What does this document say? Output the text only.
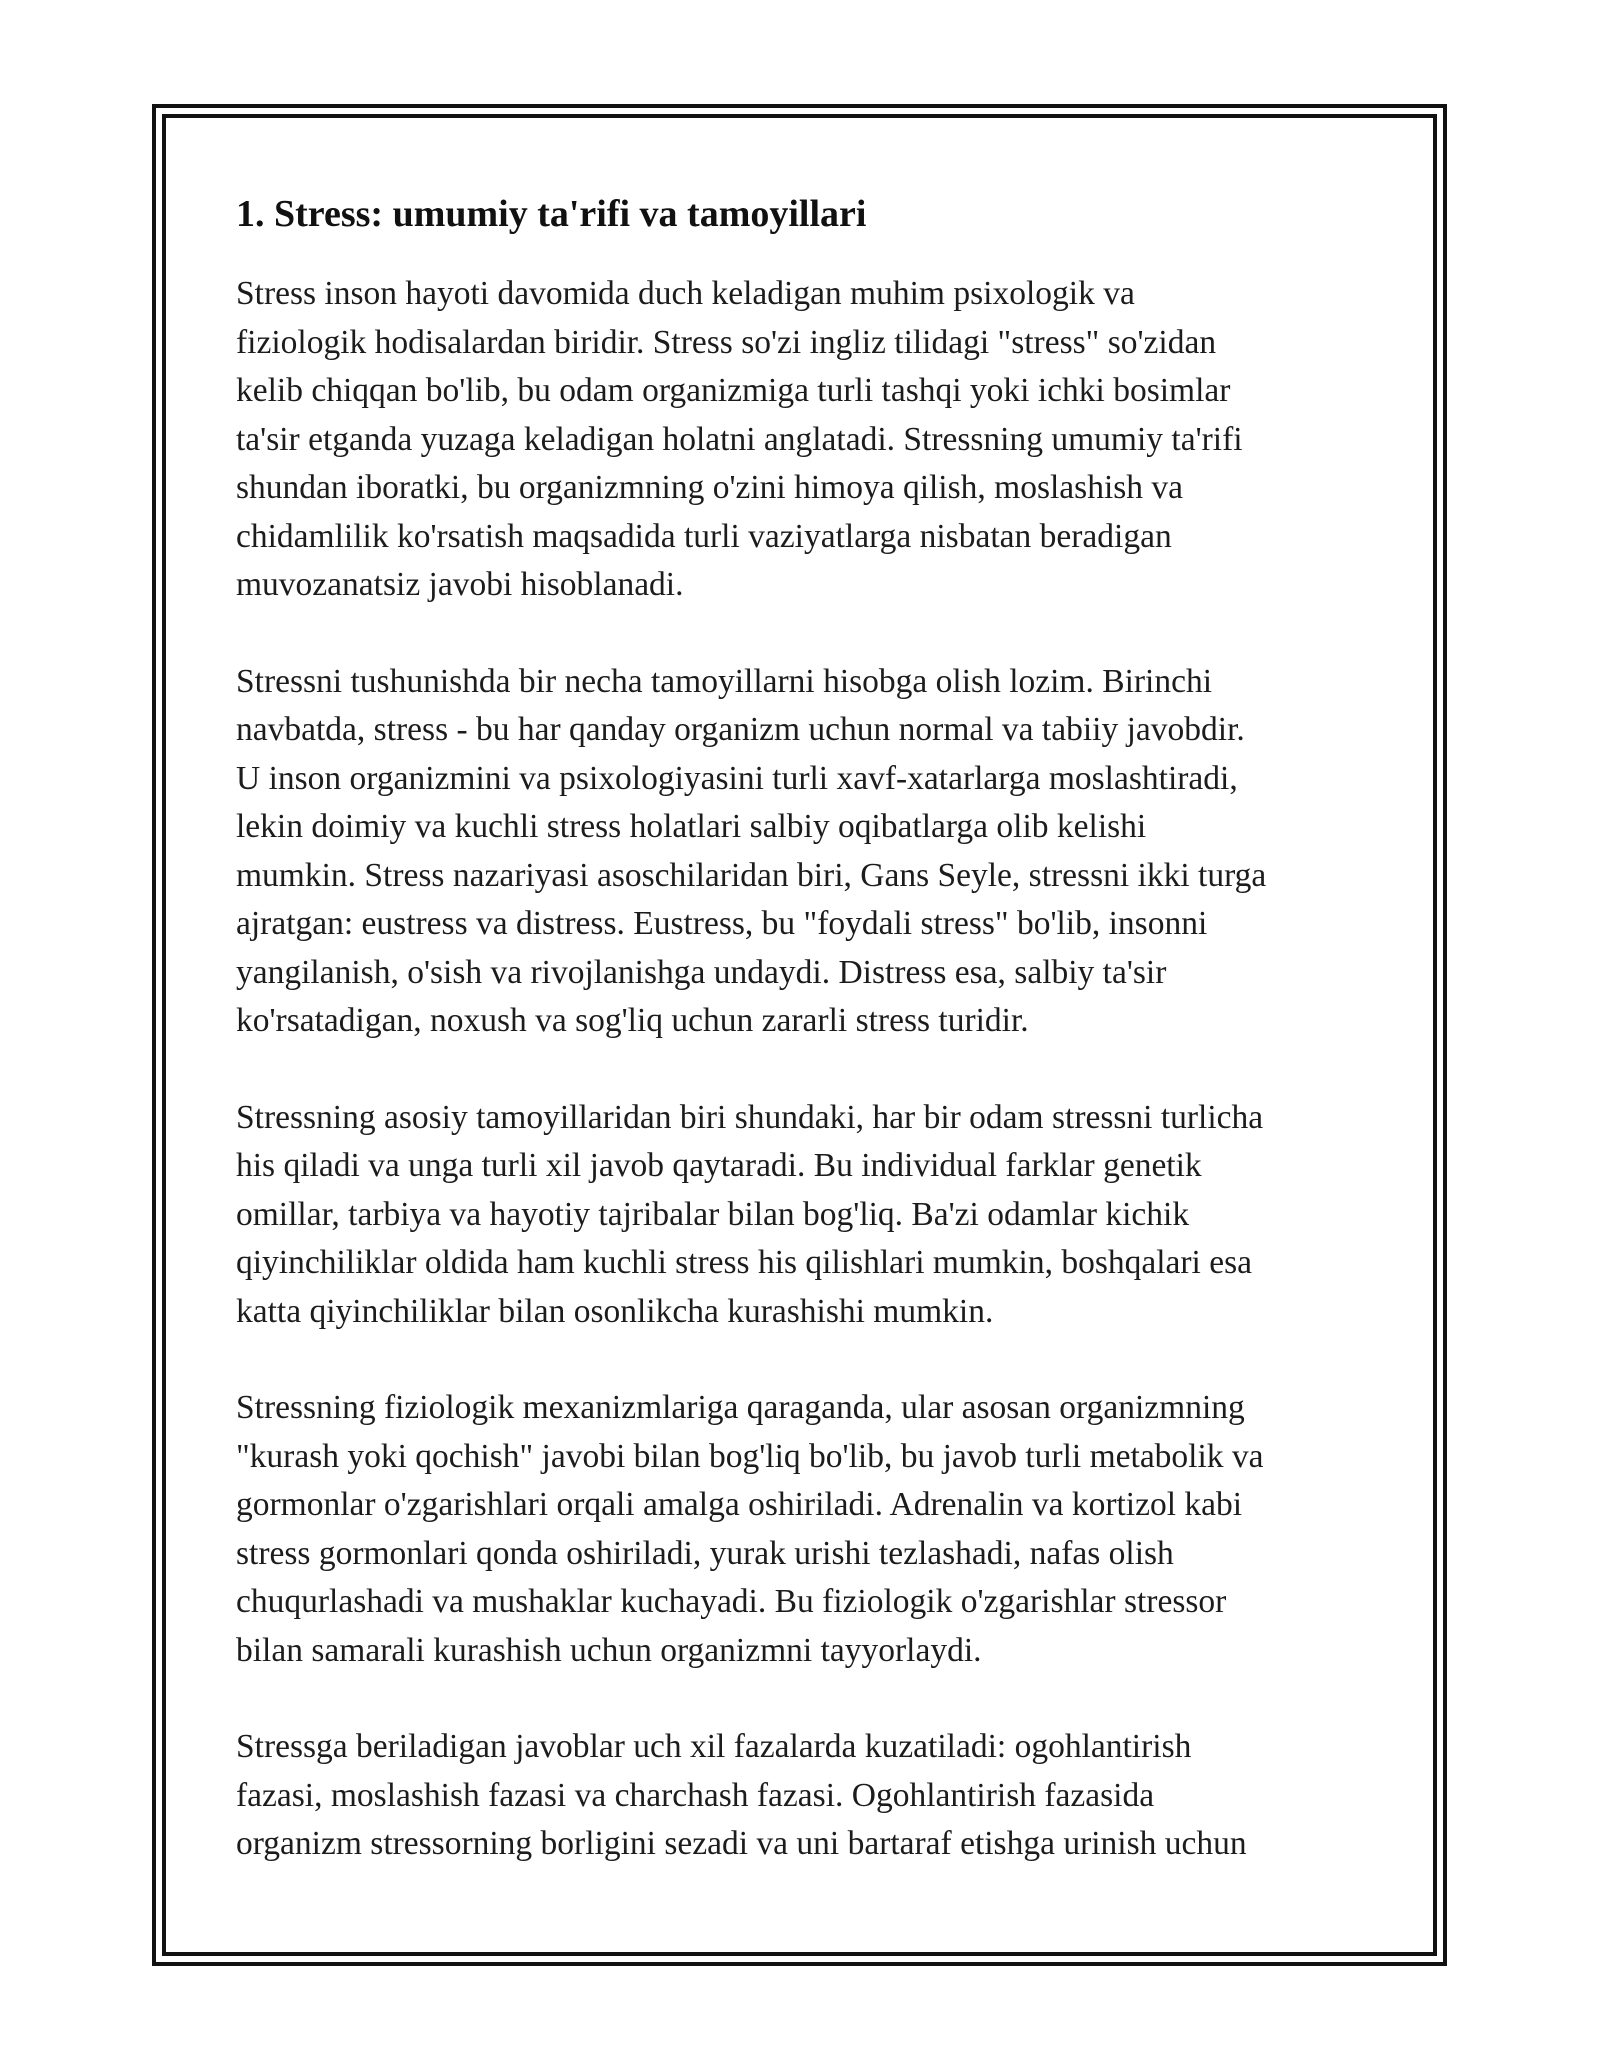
1. Stress: umumiy ta'rifi va tamoyillari

Stress inson hayoti davomida duch keladigan muhim psixologik va
fiziologik hodisalardan biridir. Stress so'zi ingliz tilidagi "stress" so'zidan
kelib chiqqan bo'lib, bu odam organizmiga turli tashqi yoki ichki bosimlar
ta'sir etganda yuzaga keladigan holatni anglatadi. Stressning umumiy ta'rifi
shundan iboratki, bu organizmning o'zini himoya qilish, moslashish va
chidamlilik ko'rsatish maqsadida turli vaziyatlarga nisbatan beradigan
muvozanatsiz javobi hisoblanadi.

Stressni tushunishda bir necha tamoyillarni hisobga olish lozim. Birinchi
navbatda, stress - bu har qanday organizm uchun normal va tabiiy javobdir.
U inson organizmini va psixologiyasini turli xavf-xatarlarga moslashtiradi,
lekin doimiy va kuchli stress holatlari salbiy oqibatlarga olib kelishi
mumkin. Stress nazariyasi asoschilaridan biri, Gans Seyle, stressni ikki turga
ajratgan: eustress va distress. Eustress, bu "foydali stress" bo'lib, insonni
yangilanish, o'sish va rivojlanishga undaydi. Distress esa, salbiy ta'sir
ko'rsatadigan, noxush va sog'liq uchun zararli stress turidir.

Stressning asosiy tamoyillaridan biri shundaki, har bir odam stressni turlicha
his qiladi va unga turli xil javob qaytaradi. Bu individual farklar genetik
omillar, tarbiya va hayotiy tajribalar bilan bog'liq. Ba'zi odamlar kichik
qiyinchiliklar oldida ham kuchli stress his qilishlari mumkin, boshqalari esa
katta qiyinchiliklar bilan osonlikcha kurashishi mumkin.

Stressning fiziologik mexanizmlariga qaraganda, ular asosan organizmning
"kurash yoki qochish" javobi bilan bog'liq bo'lib, bu javob turli metabolik va
gormonlar o'zgarishlari orqali amalga oshiriladi. Adrenalin va kortizol kabi
stress gormonlari qonda oshiriladi, yurak urishi tezlashadi, nafas olish
chuqurlashadi va mushaklar kuchayadi. Bu fiziologik o'zgarishlar stressor
bilan samarali kurashish uchun organizmni tayyorlaydi.

Stressga beriladigan javoblar uch xil fazalarda kuzatiladi: ogohlantirish
fazasi, moslashish fazasi va charchash fazasi. Ogohlantirish fazasida
organizm stressorning borligini sezadi va uni bartaraf etishga urinish uchun
